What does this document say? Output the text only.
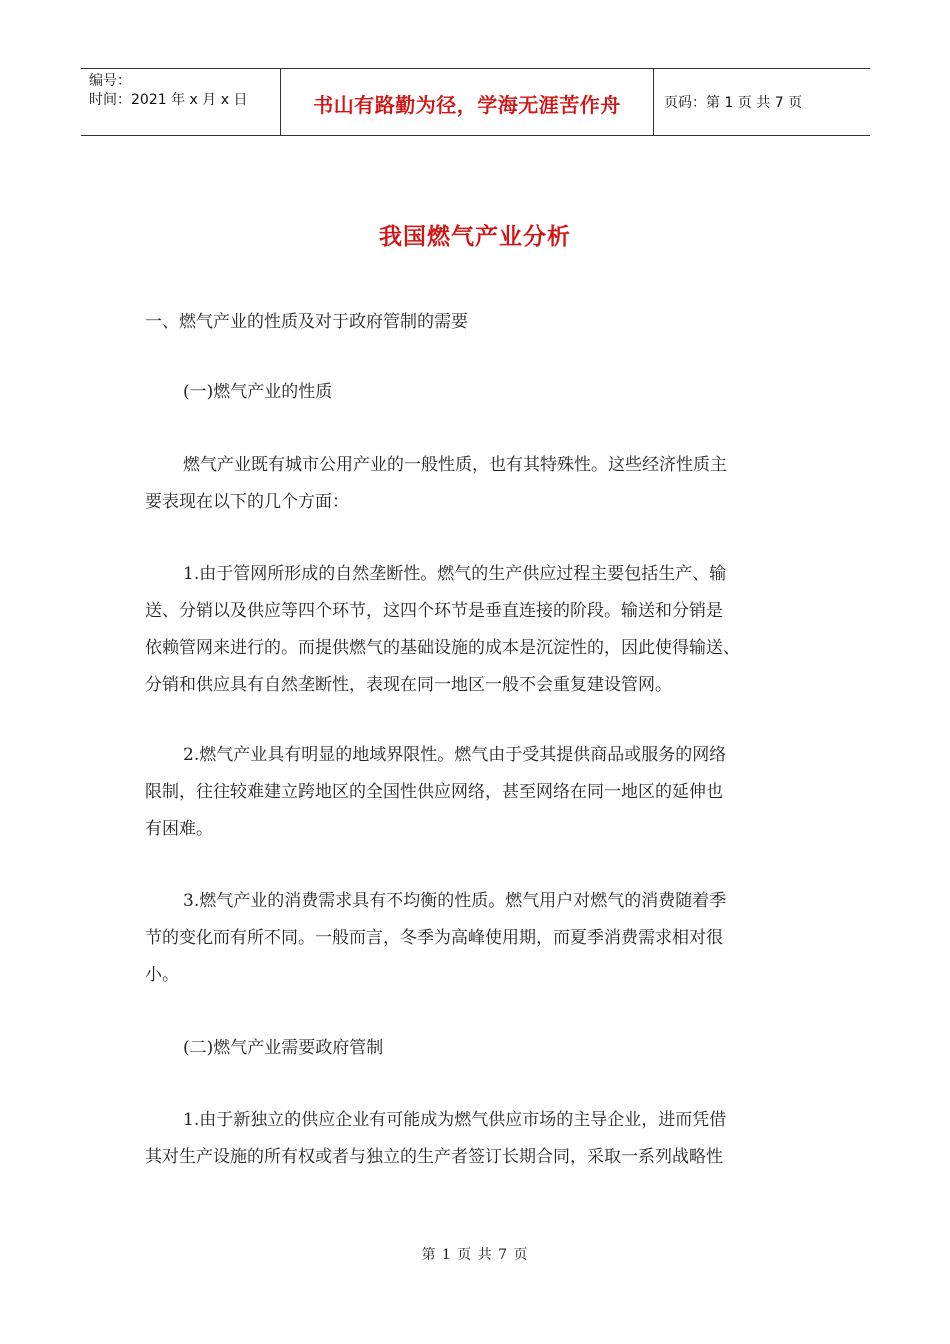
编号：
时间：2021 年 x 月 x 日	书山有路勤为径，学海无涯苦作舟	页码：第 1 页 共 7 页
我国燃气产业分析

一、燃气产业的性质及对于政府管制的需要

(一)燃气产业的性质

燃气产业既有城市公用产业的一般性质，也有其特殊性。这些经济性质主
要表现在以下的几个方面：
1.由于管网所形成的自然垄断性。燃气的生产供应过程主要包括生产、输
送、分销以及供应等四个环节，这四个环节是垂直连接的阶段。输送和分销是
依赖管网来进行的。而提供燃气的基础设施的成本是沉淀性的，因此使得输送、
分销和供应具有自然垄断性，表现在同一地区一般不会重复建设管网。
2.燃气产业具有明显的地域界限性。燃气由于受其提供商品或服务的网络
限制，往往较难建立跨地区的全国性供应网络，甚至网络在同一地区的延伸也
有困难。
3.燃气产业的消费需求具有不均衡的性质。燃气用户对燃气的消费随着季
节的变化而有所不同。一般而言，冬季为高峰使用期，而夏季消费需求相对很
小。

(二)燃气产业需要政府管制

1.由于新独立的供应企业有可能成为燃气供应市场的主导企业，进而凭借
其对生产设施的所有权或者与独立的生产者签订长期合同，采取一系列战略性
第 1 页 共 7 页
